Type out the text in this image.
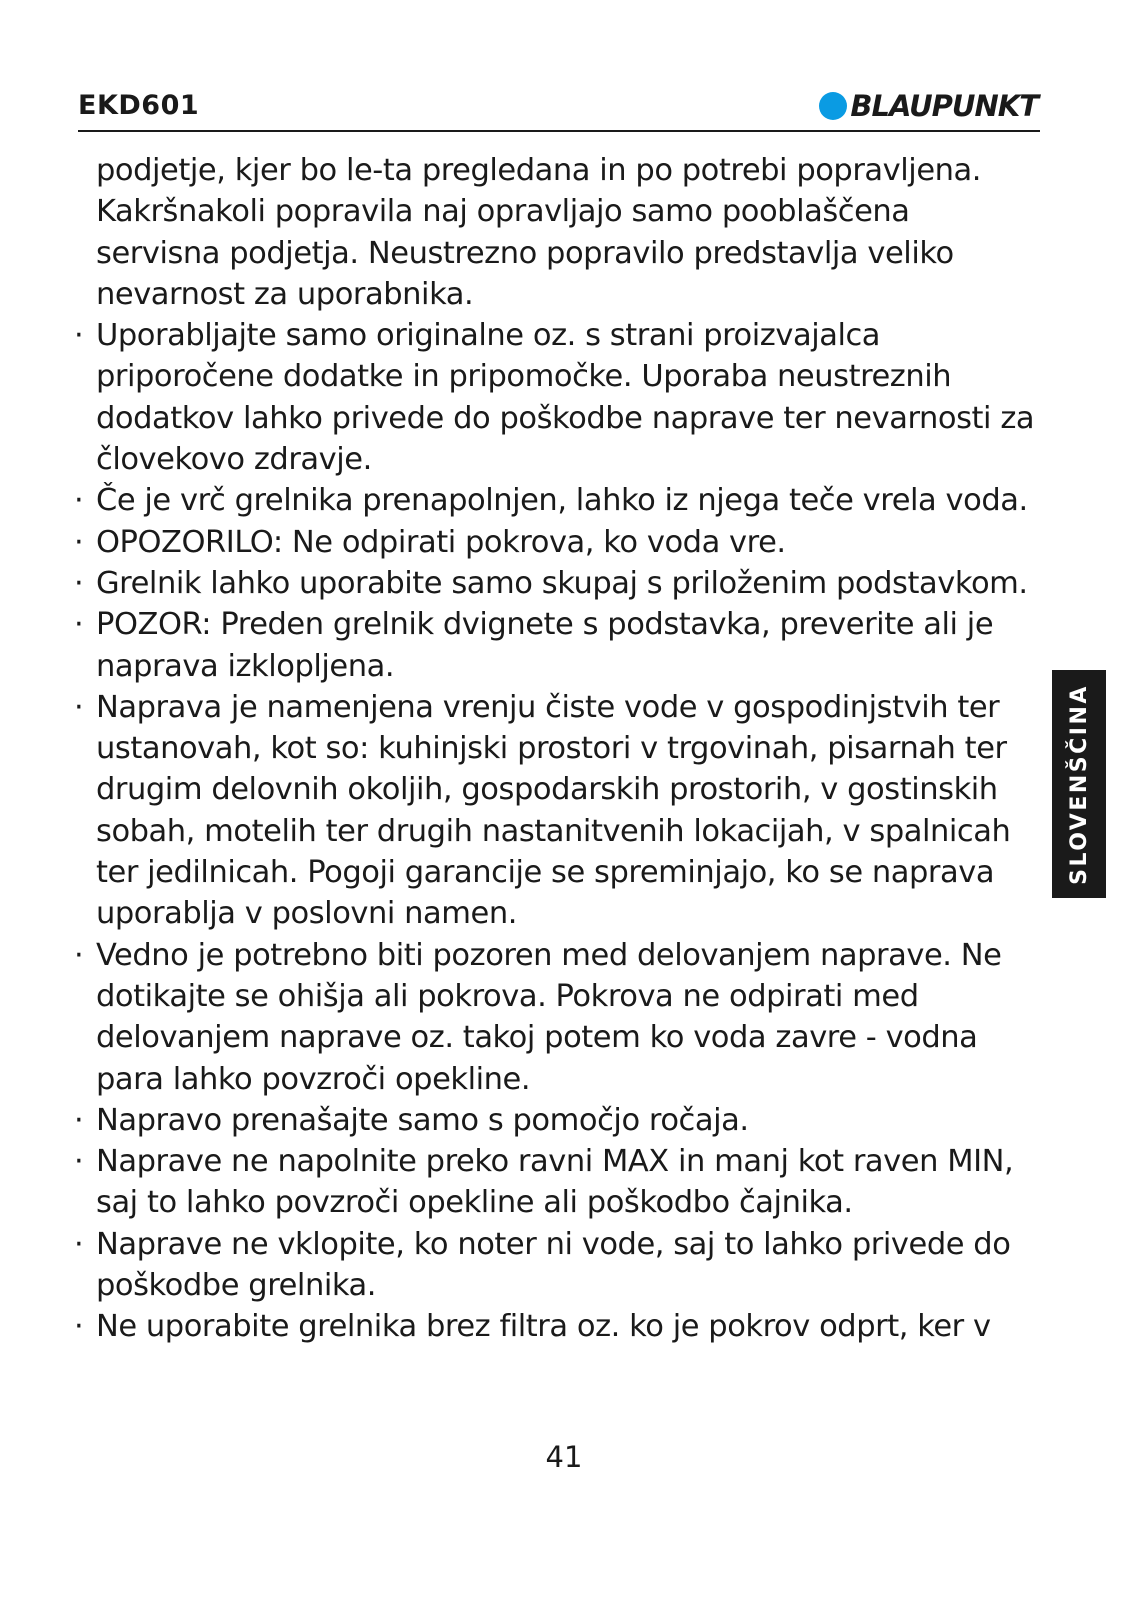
EKD601	BLAUPUNKT

podjetje, kjer bo le-ta pregledana in po potrebi popravljena. Kakršnakoli popravila naj opravljajo samo pooblaščena servisna podjetja. Neustrezno popravilo predstavlja veliko nevarnost za uporabnika.

· Uporabljajte samo originalne oz. s strani proizvajalca priporočene dodatke in pripomočke. Uporaba neustreznih dodatkov lahko privede do poškodbe naprave ter nevarnosti za človekovo zdravje.

· Če je vrč grelnika prenapolnjen, lahko iz njega teče vrela voda.

· OPOZORILO: Ne odpirati pokrova, ko voda vre.

· Grelnik lahko uporabite samo skupaj s priloženim podstavkom.

· POZOR: Preden grelnik dvignete s podstavka, preverite ali je naprava izklopljena.

· Naprava je namenjena vrenju čiste vode v gospodinjstvih ter ustanovah, kot so: kuhinjski prostori v trgovinah, pisarnah ter drugim delovnih okoljih, gospodarskih prostorih, v gostinskih sobah, motelih ter drugih nastanitvenih lokacijah, v spalnicah ter jedilnicah. Pogoji garancije se spreminjajo, ko se naprava uporablja v poslovni namen.

· Vedno je potrebno biti pozoren med delovanjem naprave. Ne dotikajte se ohišja ali pokrova. Pokrova ne odpirati med delovanjem naprave oz. takoj potem ko voda zavre - vodna para lahko povzroči opekline.

· Napravo prenašajte samo s pomočjo ročaja.

· Naprave ne napolnite preko ravni MAX in manj kot raven MIN, saj to lahko povzroči opekline ali poškodbo čajnika.

· Naprave ne vklopite, ko noter ni vode, saj to lahko privede do poškodbe grelnika.

· Ne uporabite grelnika brez filtra oz. ko je pokrov odprt, ker v

SLOVENŠČINA
41
